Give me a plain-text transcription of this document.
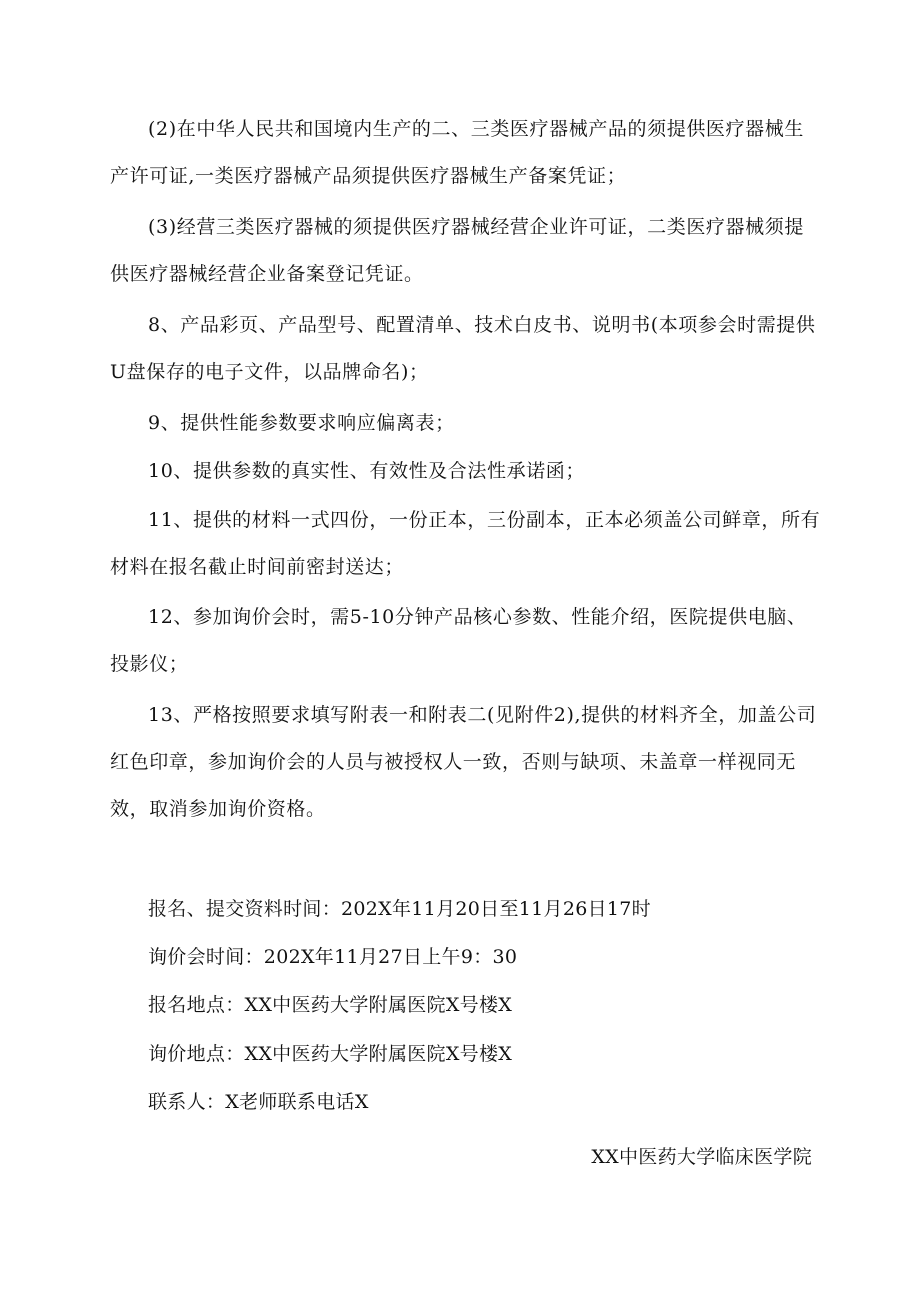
(2)在中华人民共和国境内生产的二、三类医疗器械产品的须提供医疗器械生产许可证,一类医疗器械产品须提供医疗器械生产备案凭证；

(3)经营三类医疗器械的须提供医疗器械经营企业许可证，二类医疗器械须提供医疗器械经营企业备案登记凭证。

8、产品彩页、产品型号、配置清单、技术白皮书、说明书(本项参会时需提供U盘保存的电子文件，以品牌命名)；

9、提供性能参数要求响应偏离表；

10、提供参数的真实性、有效性及合法性承诺函；

11、提供的材料一式四份，一份正本，三份副本，正本必须盖公司鲜章，所有材料在报名截止时间前密封送达；

12、参加询价会时，需5-10分钟产品核心参数、性能介绍，医院提供电脑、投影仪；

13、严格按照要求填写附表一和附表二(见附件2),提供的材料齐全，加盖公司红色印章，参加询价会的人员与被授权人一致，否则与缺项、未盖章一样视同无效，取消参加询价资格。

报名、提交资料时间：202X年11月20日至11月26日17时

询价会时间：202X年11月27日上午9：30

报名地点：XX中医药大学附属医院X号楼X

询价地点：XX中医药大学附属医院X号楼X

联系人：X老师联系电话X

XX中医药大学临床医学院
